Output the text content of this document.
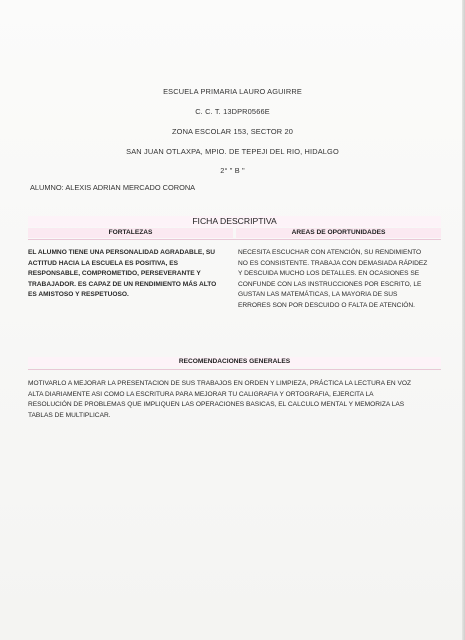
ESCUELA PRIMARIA LAURO AGUIRRE
C. C. T. 13DPR0566E
ZONA ESCOLAR 153, SECTOR 20
SAN JUAN OTLAXPA, MPIO. DE TEPEJI DEL RIO, HIDALGO
2° " B "
ALUMNO: ALEXIS ADRIAN MERCADO CORONA
FICHA DESCRIPTIVA
FORTALEZAS	AREAS DE OPORTUNIDADES
EL ALUMNO TIENE UNA PERSONALIDAD AGRADABLE, SU
ACTITUD HACIA LA ESCUELA ES POSITIVA, ES
RESPONSABLE, COMPROMETIDO, PERSEVERANTE Y
TRABAJADOR. ES CAPAZ DE UN RENDIMIENTO MÁS ALTO
ES AMISTOSO Y RESPETUOSO.
NECESITA ESCUCHAR CON ATENCIÓN, SU RENDIMIENTO
NO ES CONSISTENTE. TRABAJA CON DEMASIADA RÁPIDEZ
Y DESCUIDA MUCHO LOS DETALLES. EN OCASIONES SE
CONFUNDE CON LAS INSTRUCCIONES POR ESCRITO, LE
GUSTAN LAS MATEMÁTICAS, LA MAYORIA DE SUS
ERRORES SON POR DESCUIDO O FALTA DE ATENCIÓN.
RECOMENDACIONES GENERALES
MOTIVARLO A MEJORAR LA PRESENTACION DE SUS TRABAJOS EN ORDEN Y LIMPIEZA, PRÁCTICA LA LECTURA EN VOZ
ALTA DIARIAMENTE ASI COMO LA ESCRITURA PARA MEJORAR TU CALIGRAFIA Y ORTOGRAFIA, EJERCITA LA
RESOLUCIÓN DE PROBLEMAS QUE IMPLIQUEN LAS OPERACIONES BASICAS, EL CALCULO MENTAL Y MEMORIZA LAS
TABLAS DE MULTIPLICAR.
